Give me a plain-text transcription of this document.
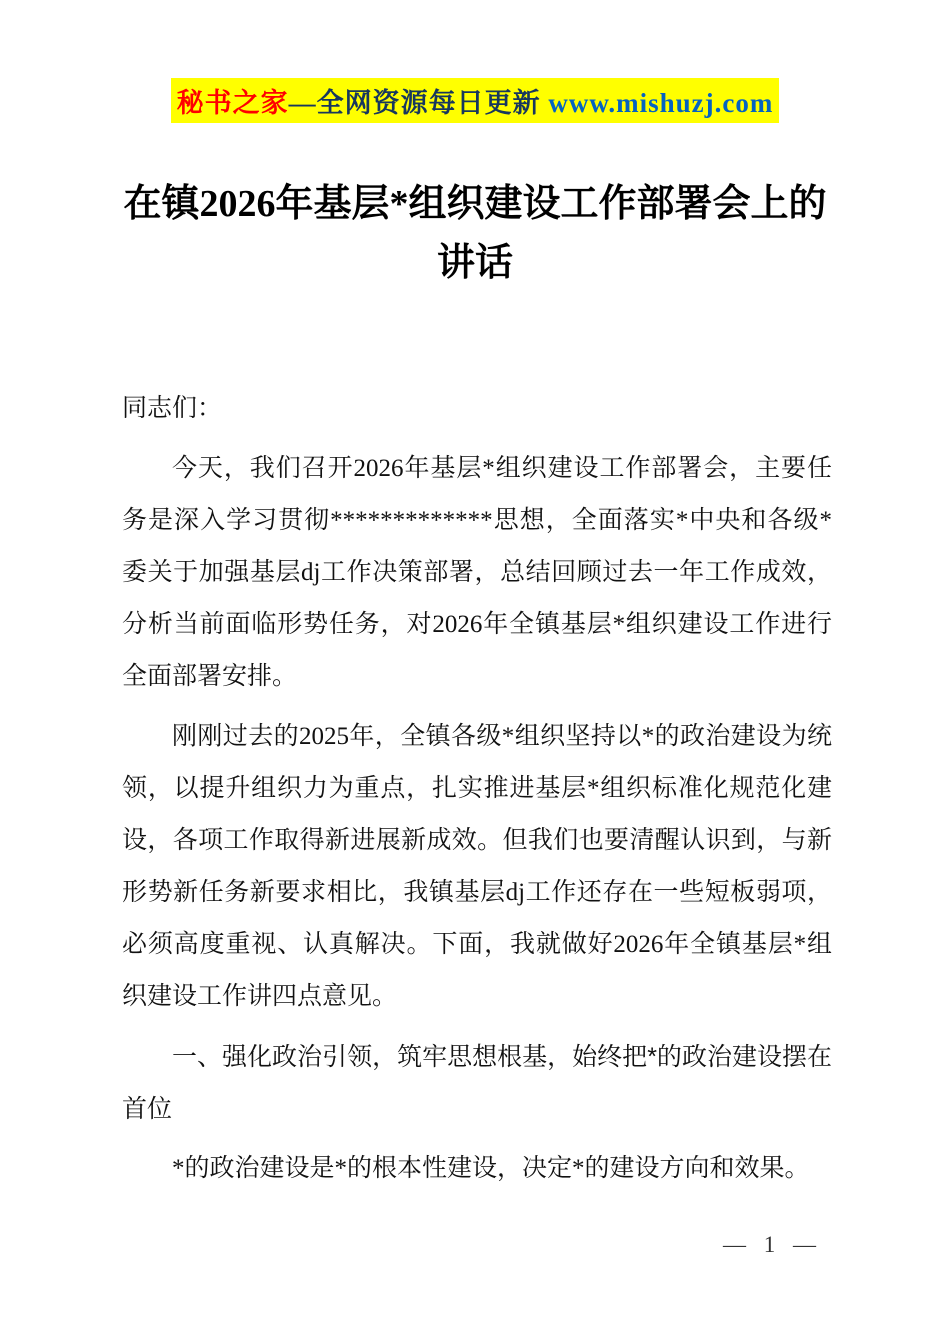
秘书之家—全网资源每日更新 www.mishuzj.com
在镇2026年基层*组织建设工作部署会上的
讲话

同志们：

今天，我们召开2026年基层*组织建设工作部署会，主要任务是深入学习贯彻*************思想，全面落实*中央和各级*委关于加强基层dj工作决策部署，总结回顾过去一年工作成效，分析当前面临形势任务，对2026年全镇基层*组织建设工作进行全面部署安排。

刚刚过去的2025年，全镇各级*组织坚持以*的政治建设为统领，以提升组织力为重点，扎实推进基层*组织标准化规范化建设，各项工作取得新进展新成效。但我们也要清醒认识到，与新形势新任务新要求相比，我镇基层dj工作还存在一些短板弱项，必须高度重视、认真解决。下面，我就做好2026年全镇基层*组织建设工作讲四点意见。

一、强化政治引领，筑牢思想根基，始终把*的政治建设摆在首位

*的政治建设是*的根本性建设，决定*的建设方向和效果。

— 1 —
